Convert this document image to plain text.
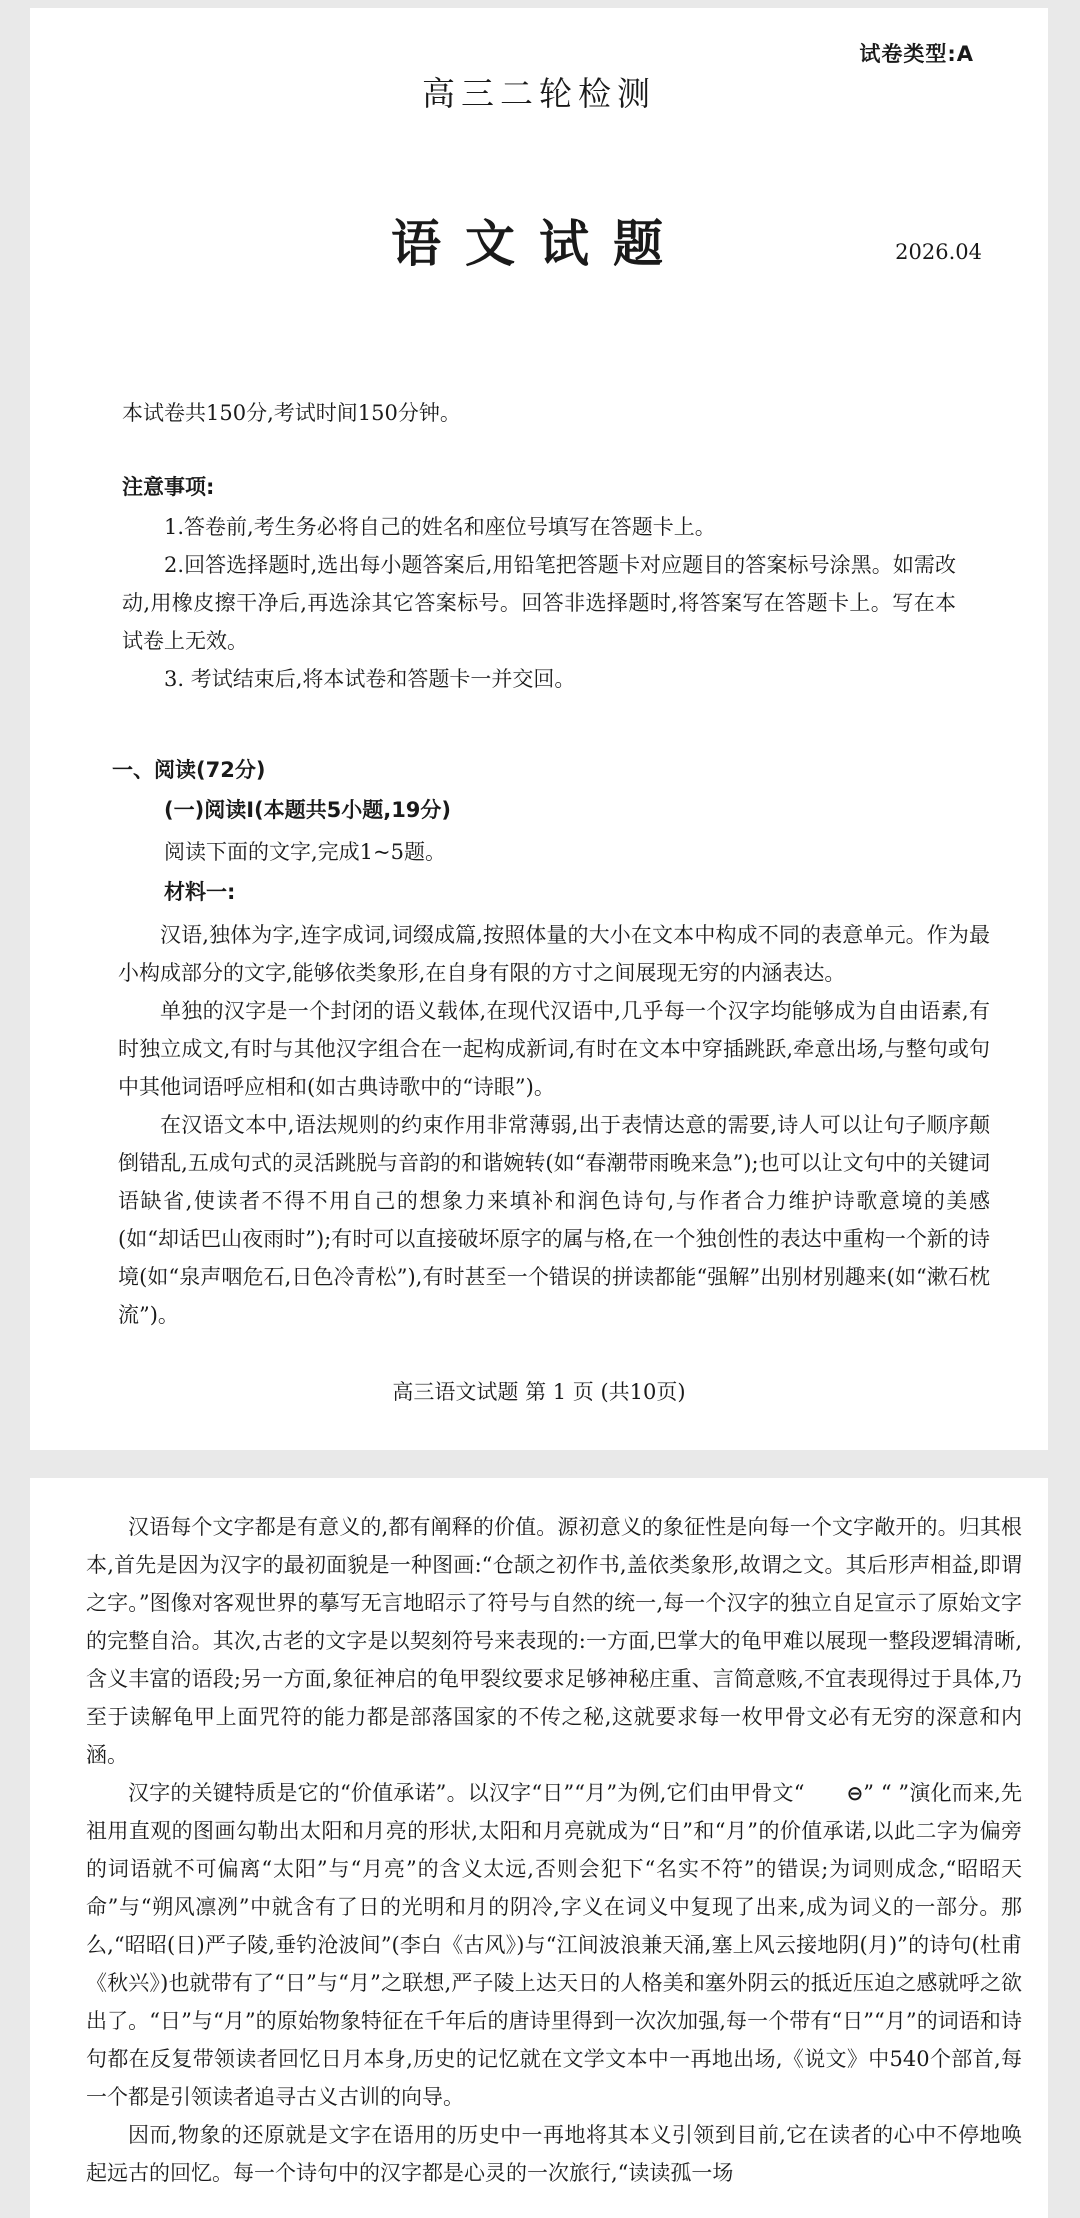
试卷类型:A
高三二轮检测
语文试题	2026.04
本试卷共150分,考试时间150分钟。
注意事项:

1.答卷前,考生务必将自己的姓名和座位号填写在答题卡上。

2.回答选择题时,选出每小题答案后,用铅笔把答题卡对应题目的答案标号涂黑。如需改动,用橡皮擦干净后,再选涂其它答案标号。回答非选择题时,将答案写在答题卡上。写在本试卷上无效。

3. 考试结束后,将本试卷和答题卡一并交回。

一、阅读(72分)
(一)阅读Ⅰ(本题共5小题,19分)
阅读下面的文字,完成1~5题。
材料一:

汉语,独体为字,连字成词,词缀成篇,按照体量的大小在文本中构成不同的表意单元。作为最小构成部分的文字,能够依类象形,在自身有限的方寸之间展现无穷的内涵表达。

单独的汉字是一个封闭的语义载体,在现代汉语中,几乎每一个汉字均能够成为自由语素,有时独立成文,有时与其他汉字组合在一起构成新词,有时在文本中穿插跳跃,牵意出场,与整句或句中其他词语呼应相和(如古典诗歌中的“诗眼”)。

在汉语文本中,语法规则的约束作用非常薄弱,出于表情达意的需要,诗人可以让句子顺序颠倒错乱,五成句式的灵活跳脱与音韵的和谐婉转(如“春潮带雨晚来急”);也可以让文句中的关键词语缺省,使读者不得不用自己的想象力来填补和润色诗句,与作者合力维护诗歌意境的美感(如“却话巴山夜雨时”);有时可以直接破坏原字的属与格,在一个独创性的表达中重构一个新的诗境(如“泉声咽危石,日色冷青松”),有时甚至一个错误的拼读都能“强解”出别材别趣来(如“漱石枕流”)。

高三语文试题 第 1 页 (共10页)

汉语每个文字都是有意义的,都有阐释的价值。源初意义的象征性是向每一个文字敞开的。归其根本,首先是因为汉字的最初面貌是一种图画:“仓颉之初作书,盖依类象形,故谓之文。其后形声相益,即谓之字。”图像对客观世界的摹写无言地昭示了符号与自然的统一,每一个汉字的独立自足宣示了原始文字的完整自洽。其次,古老的文字是以契刻符号来表现的:一方面,巴掌大的龟甲难以展现一整段逻辑清晰,含义丰富的语段;另一方面,象征神启的龟甲裂纹要求足够神秘庄重、言简意赅,不宜表现得过于具体,乃至于读解龟甲上面咒符的能力都是部落国家的不传之秘,这就要求每一枚甲骨文必有无穷的深意和内涵。

汉字的关键特质是它的“价值承诺”。以汉字“日”“月”为例,它们由甲骨文“ ⊖” “ ”演化而来,先祖用直观的图画勾勒出太阳和月亮的形状,太阳和月亮就成为“日”和“月”的价值承诺,以此二字为偏旁的词语就不可偏离“太阳”与“月亮”的含义太远,否则会犯下“名实不符”的错误;为词则成念,“昭昭天命”与“朔风凛冽”中就含有了日的光明和月的阴冷,字义在词义中复现了出来,成为词义的一部分。那么,“昭昭(日)严子陵,垂钓沧波间”(李白《古风》)与“江间波浪兼天涌,塞上风云接地阴(月)”的诗句(杜甫《秋兴》)也就带有了“日”与“月”之联想,严子陵上达天日的人格美和塞外阴云的抵近压迫之感就呼之欲出了。“日”与“月”的原始物象特征在千年后的唐诗里得到一次次加强,每一个带有“日”“月”的词语和诗句都在反复带领读者回忆日月本身,历史的记忆就在文学文本中一再地出场,《说文》中540个部首,每一个都是引领读者追寻古义古训的向导。

因而,物象的还原就是文字在语用的历史中一再地将其本义引领到目前,它在读者的心中不停地唤起远古的回忆。每一个诗句中的汉字都是心灵的一次旅行,“读读孤一场
